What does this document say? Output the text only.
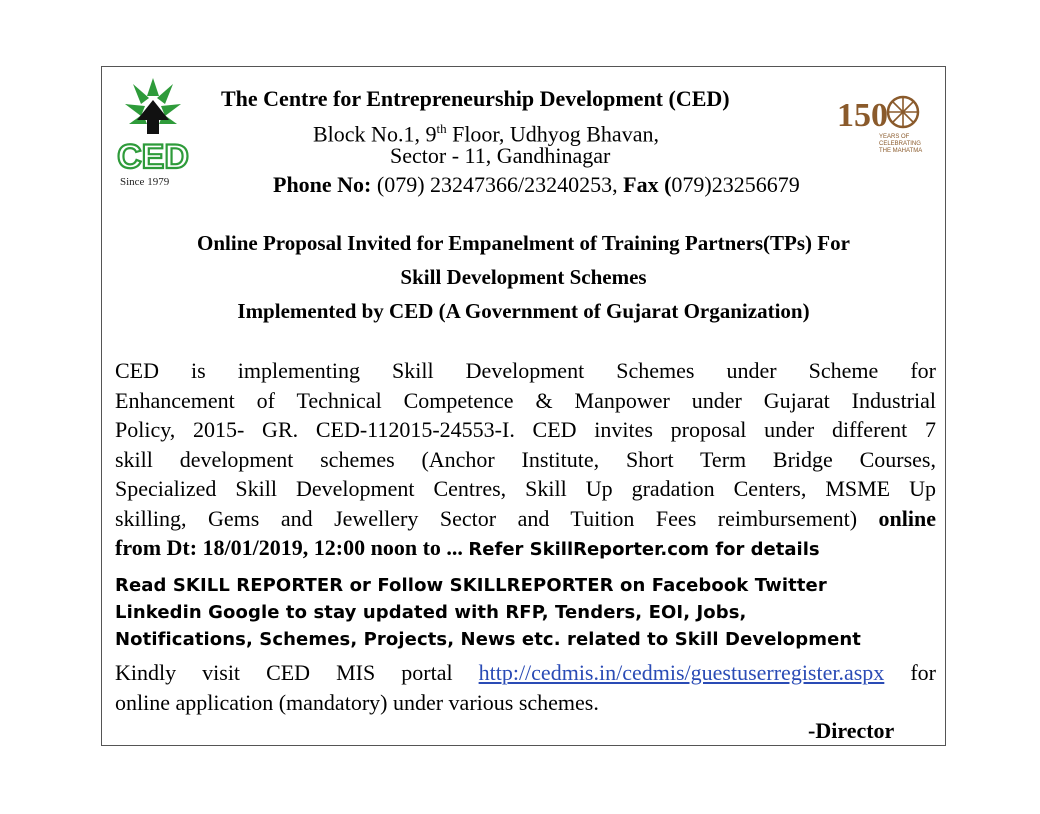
CED
Since 1979
150
YEARS OF
CELEBRATING
THE MAHATMA
The Centre for Entrepreneurship Development (CED)
Block No.1, 9th Floor, Udhyog Bhavan,
Sector - 11, Gandhinagar
Phone No: (079) 23247366/23240253, Fax (079)23256679
Online Proposal Invited for Empanelment of Training Partners(TPs) For
Skill Development Schemes
Implemented by CED (A Government of Gujarat Organization)
CED is implementing Skill Development Schemes under Scheme for
Enhancement of Technical Competence & Manpower under Gujarat Industrial
Policy, 2015- GR. CED-112015-24553-I. CED invites proposal under different 7
skill development schemes (Anchor Institute, Short Term Bridge Courses,
Specialized Skill Development Centres, Skill Up gradation Centers, MSME Up
skilling, Gems and Jewellery Sector and Tuition Fees reimbursement) online
from Dt: 18/01/2019, 12:00 noon to ... Refer SkillReporter.com for details
Read SKILL REPORTER or Follow SKILLREPORTER on Facebook Twitter
Linkedin Google to stay updated with RFP, Tenders, EOI, Jobs,
Notifications, Schemes, Projects, News etc. related to Skill Development
Kindly visit CED MIS portal http://cedmis.in/cedmis/guestuserregister.aspx for
online application (mandatory) under various schemes.
-Director
